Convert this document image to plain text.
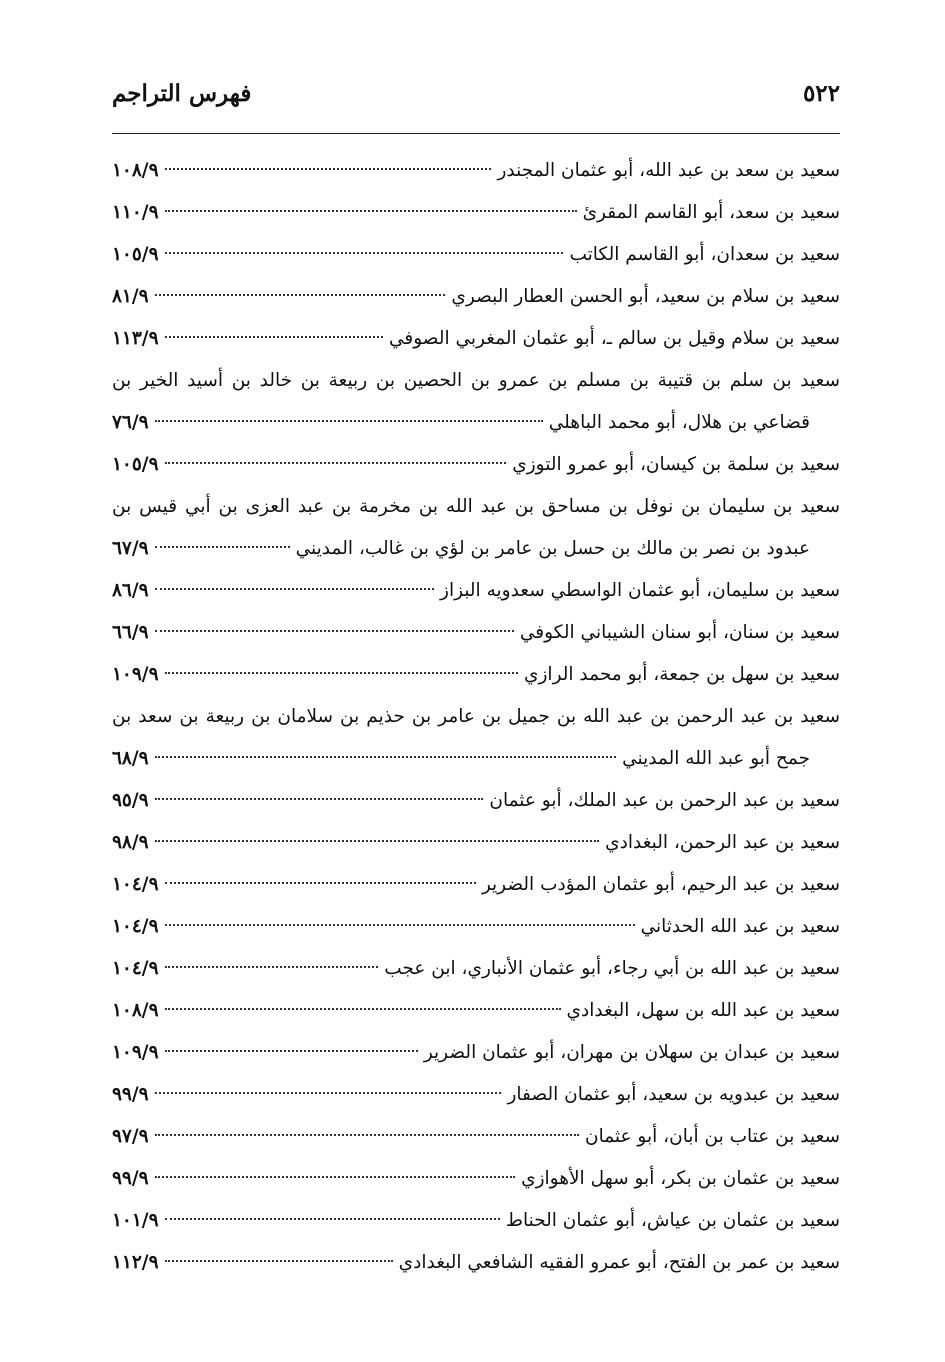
٥٢٢
فهرس التراجم
سعيد بن سعد بن عبد الله، أبو عثمان المجندر
١٠٨/٩
سعيد بن سعد، أبو القاسم المقرئ
١١٠/٩
سعيد بن سعدان، أبو القاسم الكاتب
١٠٥/٩
سعيد بن سلام بن سعيد، أبو الحسن العطار البصري
٨١/٩
سعيد بن سلام وقيل بن سالم ـ، أبو عثمان المغربي الصوفي
١١٣/٩
سعيد بن سلم بن قتيبة بن مسلم بن عمرو بن الحصين بن ربيعة بن خالد بن أسيد الخير بن
قضاعي بن هلال، أبو محمد الباهلي
٧٦/٩
سعيد بن سلمة بن كيسان، أبو عمرو التوزي
١٠٥/٩
سعيد بن سليمان بن نوفل بن مساحق بن عبد الله بن مخرمة بن عبد العزى بن أبي قيس بن
عبدود بن نصر بن مالك بن حسل بن عامر بن لؤي بن غالب، المديني
٦٧/٩
سعيد بن سليمان، أبو عثمان الواسطي سعدويه البزاز
٨٦/٩
سعيد بن سنان، أبو سنان الشيباني الكوفي
٦٦/٩
سعيد بن سهل بن جمعة، أبو محمد الرازي
١٠٩/٩
سعيد بن عبد الرحمن بن عبد الله بن جميل بن عامر بن حذيم بن سلامان بن ربيعة بن سعد بن
جمح أبو عبد الله المديني
٦٨/٩
سعيد بن عبد الرحمن بن عبد الملك، أبو عثمان
٩٥/٩
سعيد بن عبد الرحمن، البغدادي
٩٨/٩
سعيد بن عبد الرحيم، أبو عثمان المؤدب الضرير
١٠٤/٩
سعيد بن عبد الله الحدثاني
١٠٤/٩
سعيد بن عبد الله بن أبي رجاء، أبو عثمان الأنباري، ابن عجب
١٠٤/٩
سعيد بن عبد الله بن سهل، البغدادي
١٠٨/٩
سعيد بن عبدان بن سهلان بن مهران، أبو عثمان الضرير
١٠٩/٩
سعيد بن عبدويه بن سعيد، أبو عثمان الصفار
٩٩/٩
سعيد بن عتاب بن أبان، أبو عثمان
٩٧/٩
سعيد بن عثمان بن بكر، أبو سهل الأهوازي
٩٩/٩
سعيد بن عثمان بن عياش، أبو عثمان الحناط
١٠١/٩
سعيد بن عمر بن الفتح، أبو عمرو الفقيه الشافعي البغدادي
١١٢/٩
